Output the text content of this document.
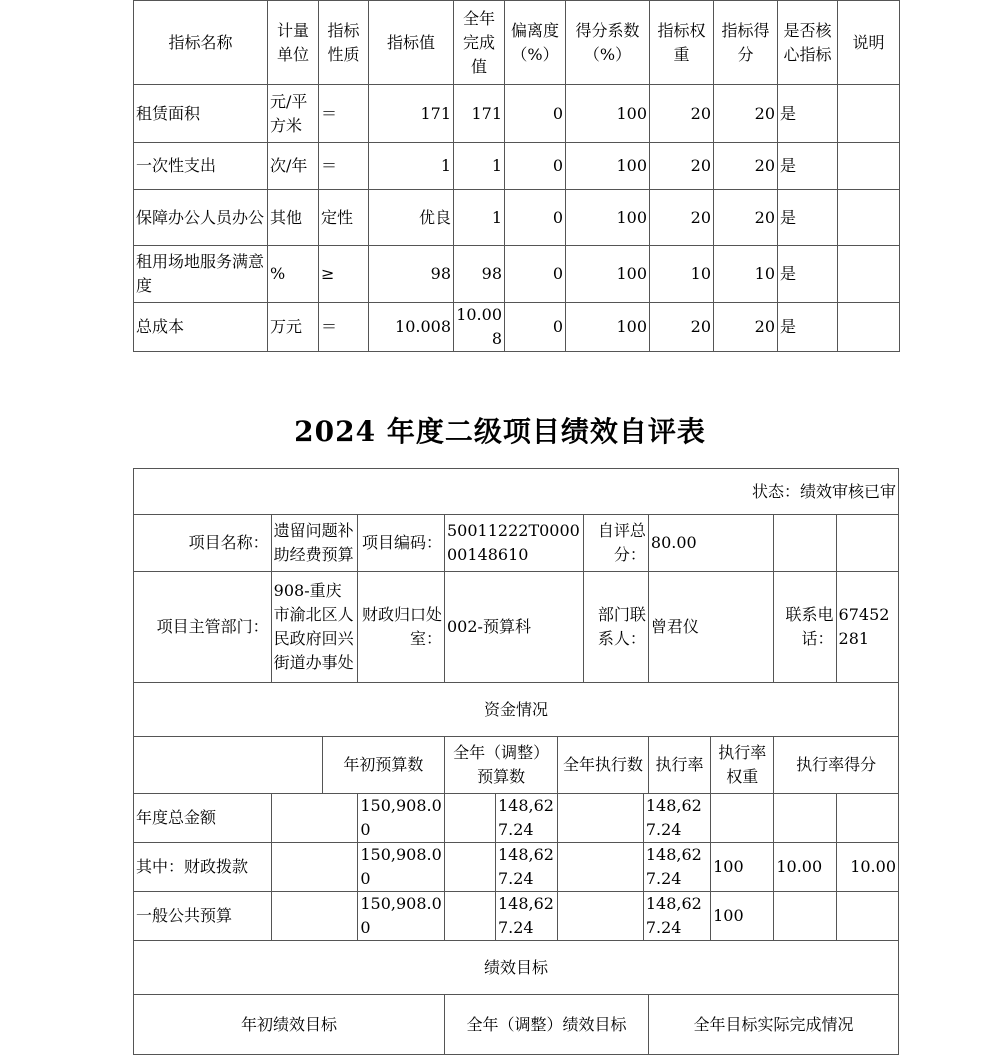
指标名称	计量单位	指标性质	指标值	全年完成值	偏离度（%）	得分系数（%）	指标权重	指标得分	是否核心指标	说明
租赁面积	元/平方米	＝	171	171	0	100	20	20	是	
一次性支出	次/年	＝	1	1	0	100	20	20	是	
保障办公人员办公	其他	定性	优良	1	0	100	20	20	是	
租用场地服务满意度	%	≥	98	98	0	100	10	10	是	
总成本	万元	＝	10.008	10.008	0	100	20	20	是	
2024 年度二级项目绩效自评表
状态：绩效审核已审												
项目名称：	遗留问题补助经费预算		项目编码：	50011222T000000148610			自评总分：		80.00			
项目主管部门：	908-重庆市渝北区人民政府回兴街道办事处		财政归口处室：	002-预算科			部门联系人：		曾君仪		联系电话：	67452281
资金情况												
		年初预算数		全年（调整）预算数		全年执行数			执行率	执行率权重	执行率得分	
年度总金额			150,908.00		148,627.24			148,627.24				
其中：财政拨款			150,908.00		148,627.24			148,627.24		100	10.00	10.00
一般公共预算			150,908.00		148,627.24			148,627.24		100		
绩效目标												
年初绩效目标				全年（调整）绩效目标					全年目标实际完成情况			
